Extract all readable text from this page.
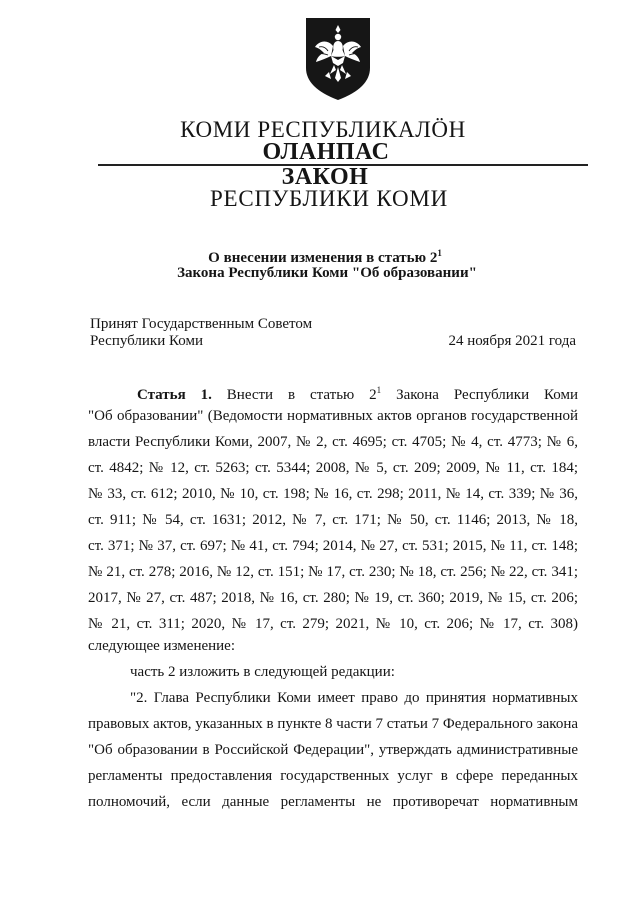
КОМИ РЕСПУБЛИКАЛӦН
ОЛАНПАС
ЗАКОН
РЕСПУБЛИКИ КОМИ
О внесении изменения в статью $2^1$
Закона Республики Коми "Об образовании"
Принят Государственным Советом
Республики Коми	24 ноября 2021 года
Статья 1. Внести в статью $2^1$ Закона Республики Коми
"Об образовании" (Ведомости нормативных актов органов государственной
власти Республики Коми, 2007, № 2, ст. 4695; ст. 4705; № 4, ст. 4773; № 6,
ст. 4842; № 12, ст. 5263; ст. 5344; 2008, № 5, ст. 209; 2009, № 11, ст. 184;
№ 33, ст. 612; 2010, № 10, ст. 198; № 16, ст. 298; 2011, № 14, ст. 339; № 36,
ст. 911; № 54, ст. 1631; 2012, № 7, ст. 171; № 50, ст. 1146; 2013, № 18,
ст. 371; № 37, ст. 697; № 41, ст. 794; 2014, № 27, ст. 531; 2015, № 11, ст. 148;
№ 21, ст. 278; 2016, № 12, ст. 151; № 17, ст. 230; № 18, ст. 256; № 22, ст. 341;
2017, № 27, ст. 487; 2018, № 16, ст. 280; № 19, ст. 360; 2019, № 15, ст. 206;
№ 21, ст. 311; 2020, № 17, ст. 279; 2021, № 10, ст. 206; № 17, ст. 308)
следующее изменение:
часть 2 изложить в следующей редакции:
"2. Глава Республики Коми имеет право до принятия нормативных
правовых актов, указанных в пункте 8 части 7 статьи 7 Федерального закона
"Об образовании в Российской Федерации", утверждать административные
регламенты предоставления государственных услуг в сфере переданных
полномочий, если данные регламенты не противоречат нормативным
